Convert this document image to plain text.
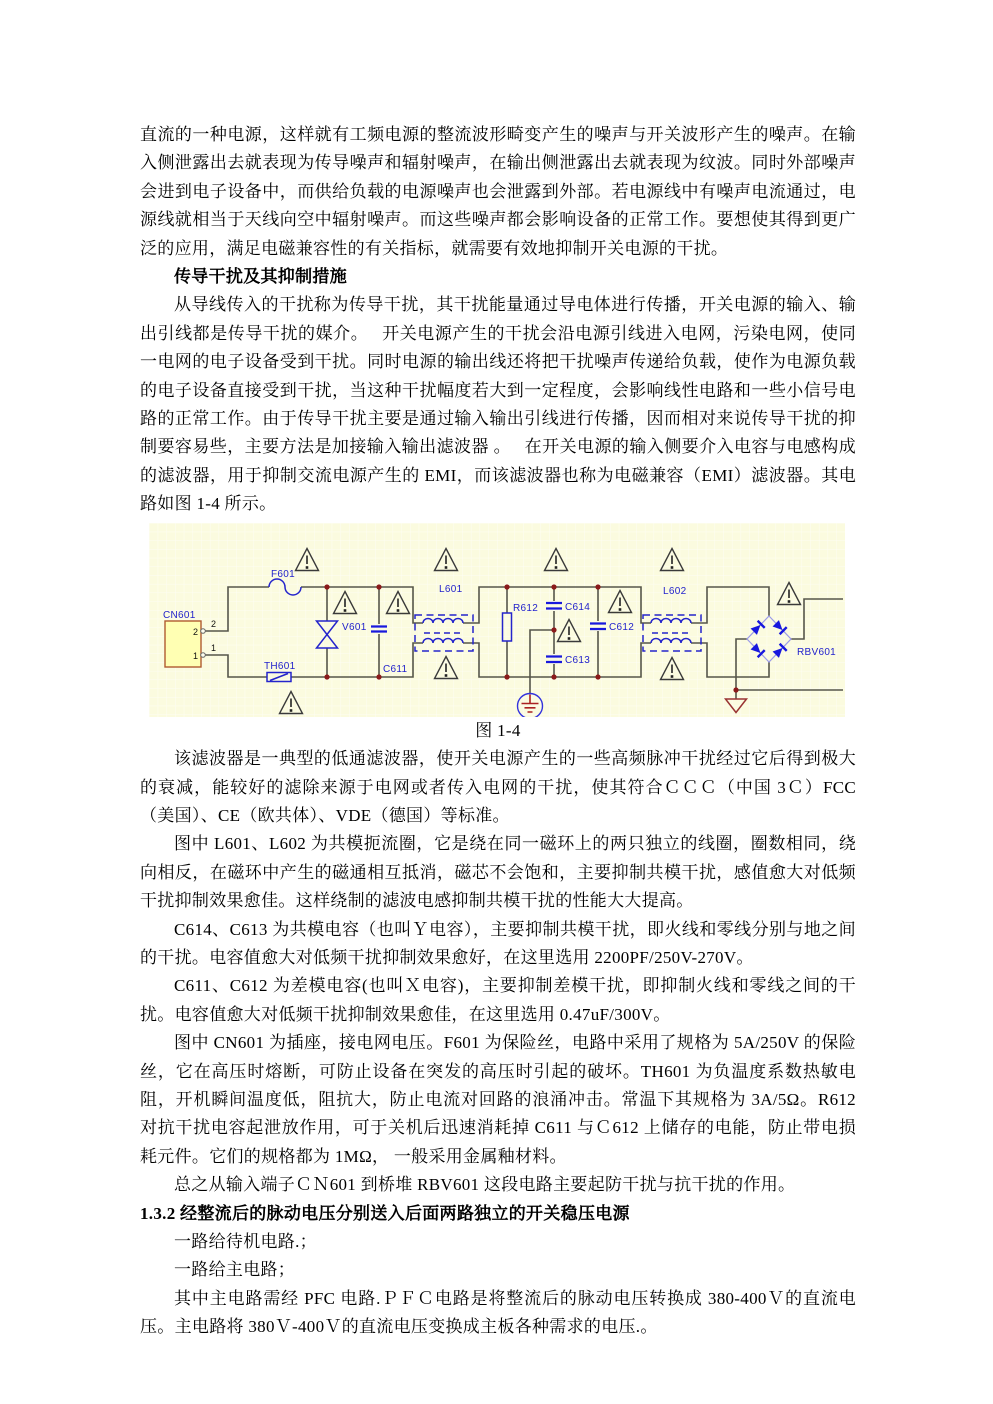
直流的一种电源，这样就有工频电源的整流波形畸变产生的噪声与开关波形产生的噪声。在输入侧泄露出去就表现为传导噪声和辐射噪声，在输出侧泄露出去就表现为纹波。同时外部噪声会进到电子设备中，而供给负载的电源噪声也会泄露到外部。若电源线中有噪声电流通过，电源线就相当于天线向空中辐射噪声。而这些噪声都会影响设备的正常工作。要想使其得到更广泛的应用，满足电磁兼容性的有关指标，就需要有效地抑制开关电源的干扰。

传导干扰及其抑制措施

从导线传入的干扰称为传导干扰，其干扰能量通过导电体进行传播，开关电源的输入、输出引线都是传导干扰的媒介。　 开关电源产生的干扰会沿电源引线进入电网，污染电网，使同一电网的电子设备受到干扰。同时电源的输出线还将把干扰噪声传递给负载，使作为电源负载的电子设备直接受到干扰，当这种干扰幅度若大到一定程度，会影响线性电路和一些小信号电路的正常工作。由于传导干扰主要是通过输入输出引线进行传播，因而相对来说传导干扰的抑制要容易些，主要方法是加接输入输出滤波器 。　 在开关电源的输入侧要介入电容与电感构成的滤波器，用于抑制交流电源产生的 EMI，而该滤波器也称为电磁兼容（EMI）滤波器。其电路如图 1-4 所示。

CN601
2
1
2
1
F601
TH601
V601
C611
L601
R612	C614
C613
C612
L602
RBV601

图 1-4

该滤波器是一典型的低通滤波器，使开关电源产生的一些高频脉冲干扰经过它后得到极大的衰减，能较好的滤除来源于电网或者传入电网的干扰，使其符合ＣＣＣ（中国 3Ｃ）FCC（美国）、CE（欧共体）、VDE（德国）等标准。

图中 L601、L602 为共模扼流圈，它是绕在同一磁环上的两只独立的线圈，圈数相同，绕向相反，在磁环中产生的磁通相互抵消，磁芯不会饱和，主要抑制共模干扰，感值愈大对低频干扰抑制效果愈佳。这样绕制的滤波电感抑制共模干扰的性能大大提高。

C614、C613 为共模电容（也叫Ｙ电容），主要抑制共模干扰，即火线和零线分别与地之间的干扰。电容值愈大对低频干扰抑制效果愈好，在这里选用 2200PF/250V-270V。

C611、C612 为差模电容(也叫Ｘ电容)，主要抑制差模干扰，即抑制火线和零线之间的干扰。电容值愈大对低频干扰抑制效果愈佳，在这里选用 0.47uF/300V。

图中 CN601 为插座，接电网电压。F601 为保险丝，电路中采用了规格为 5A/250V 的保险丝，它在高压时熔断，可防止设备在突发的高压时引起的破坏。TH601 为负温度系数热敏电阻，开机瞬间温度低，阻抗大，防止电流对回路的浪涌冲击。常温下其规格为 3A/5Ω。R612 对抗干扰电容起泄放作用，可于关机后迅速消耗掉 C611 与Ｃ612 上储存的电能，防止带电损耗元件。它们的规格都为 1MΩ， 一般采用金属釉材料。

总之从输入端子ＣＮ601 到桥堆 RBV601 这段电路主要起防干扰与抗干扰的作用。

1.3.2 经整流后的脉动电压分别送入后面两路独立的开关稳压电源

一路给待机电路.；

一路给主电路；

其中主电路需经 PFC 电路.ＰＦＣ电路是将整流后的脉动电压转换成 380-400Ｖ的直流电压。主电路将 380Ｖ-400Ｖ的直流电压变换成主板各种需求的电压.。
